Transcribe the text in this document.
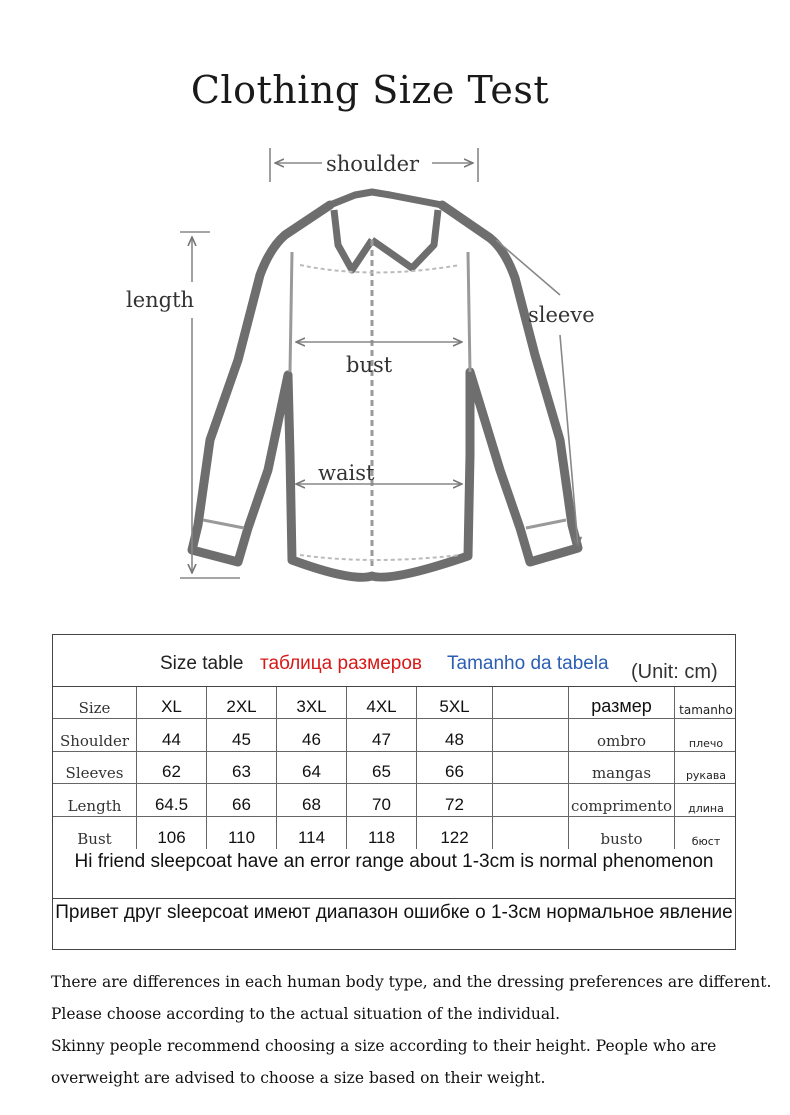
Clothing Size Test
shoulder
length
sleeve
bust
waist
Size table таблица размеров Tamanho da tabela (Unit: cm)
Size	XL	2XL	3XL	4XL	5XL	размер	tamanho
Shoulder	44	45	46	47	48	ombro	плечо
Sleeves	62	63	64	65	66	mangas	рукава
Length	64.5	66	68	70	72	comprimento	длина
Bust	106	110	114	118	122	busto	бюст
Hi friend sleepcoat have an error range about 1-3cm is normal phenomenon
Привет друг sleepcoat имеют диапазон ошибке о 1-3см нормальное явление

There are differences in each human body type, and the dressing preferences are different.

Please choose according to the actual situation of the individual.

Skinny people recommend choosing a size according to their height. People who are

overweight are advised to choose a size based on their weight.
